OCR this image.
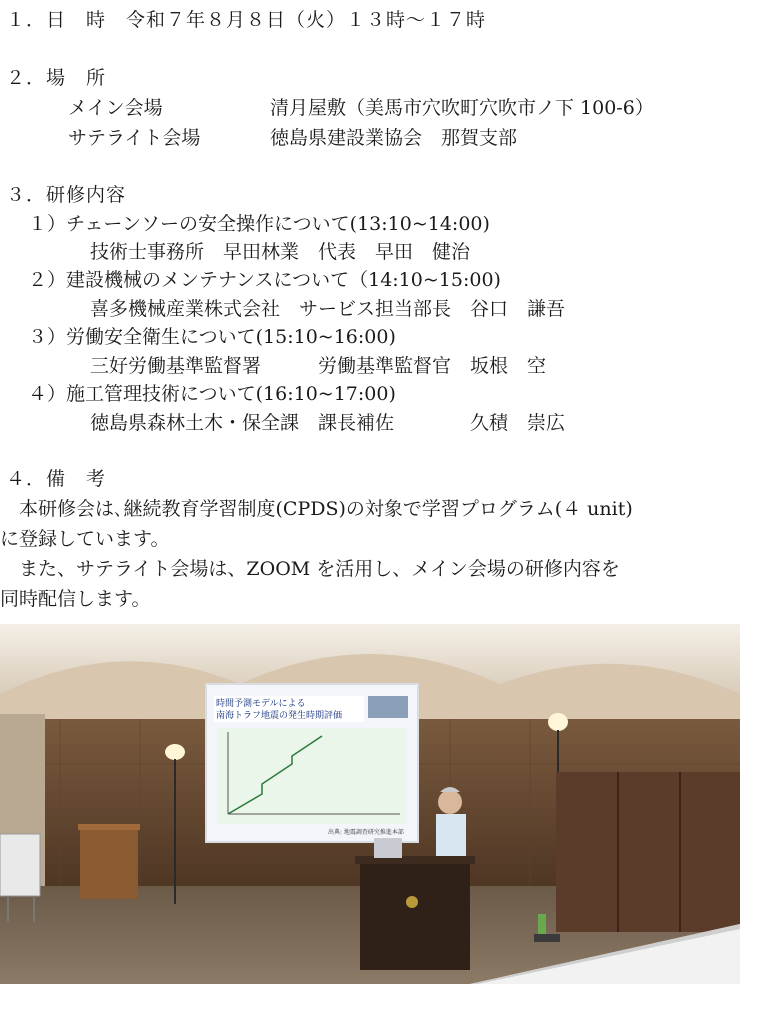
１．日　時　令和７年８月８日（火）１３時～１７時
２．場　所
メイン会場	清月屋敷（美馬市穴吹町穴吹市ノ下 100-6）
サテライト会場	徳島県建設業協会　那賀支部
３．研修内容
１）チェーンソーの安全操作について(13:10~14:00)
技術士事務所　早田林業　代表　早田　健治
２）建設機械のメンテナンスについて（14:10~15:00)
喜多機械産業株式会社　サービス担当部長　谷口　謙吾
３）労働安全衛生について(15:10~16:00)
三好労働基準監督署　　　労働基準監督官　坂根　空
４）施工管理技術について(16:10~17:00)
徳島県森林土木・保全課　課長補佐　　　　久積　崇広
４．備　考
　本研修会は､継続教育学習制度(CPDS)の対象で学習プログラム(４ unit)
に登録しています。
　また、サテライト会場は、ZOOM を活用し、メイン会場の研修内容を
同時配信します。
時間予測モデルによる
南海トラフ地震の発生時期評価
出典: 地震調査研究推進本部
